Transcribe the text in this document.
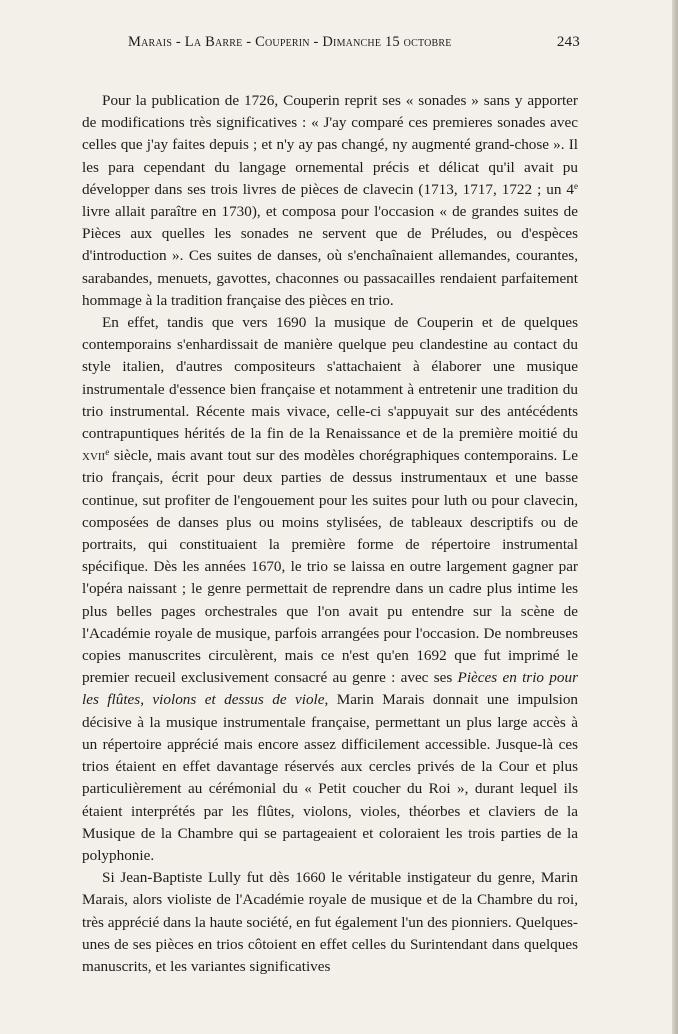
Marais - La Barre - Couperin - Dimanche 15 octobre	243

Pour la publication de 1726, Couperin reprit ses « sonades » sans y apporter de modifications très significatives : « J'ay comparé ces premieres sonades avec celles que j'ay faites depuis ; et n'y ay pas changé, ny augmenté grand-chose ». Il les para cependant du langage ornemental précis et délicat qu'il avait pu développer dans ses trois livres de pièces de clavecin (1713, 1717, 1722 ; un 4e livre allait paraître en 1730), et composa pour l'occasion « de grandes suites de Pièces aux quelles les sonades ne servent que de Préludes, ou d'espèces d'introduction ». Ces suites de danses, où s'enchaînaient allemandes, courantes, sarabandes, menuets, gavottes, chaconnes ou passacailles rendaient parfaitement hommage à la tradition française des pièces en trio.

En effet, tandis que vers 1690 la musique de Couperin et de quelques contemporains s'enhardissait de manière quelque peu clandestine au contact du style italien, d'autres compositeurs s'attachaient à élaborer une musique instrumentale d'essence bien française et notamment à entretenir une tradition du trio instrumental. Récente mais vivace, celle-ci s'appuyait sur des antécédents contrapuntiques hérités de la fin de la Renaissance et de la première moitié du xvii$^e$ siècle, mais avant tout sur des modèles chorégraphiques contemporains. Le trio français, écrit pour deux parties de dessus instrumentaux et une basse continue, sut profiter de l'engouement pour les suites pour luth ou pour clavecin, composées de danses plus ou moins stylisées, de tableaux descriptifs ou de portraits, qui constituaient la première forme de répertoire instrumental spécifique. Dès les années 1670, le trio se laissa en outre largement gagner par l'opéra naissant ; le genre permettait de reprendre dans un cadre plus intime les plus belles pages orchestrales que l'on avait pu entendre sur la scène de l'Académie royale de musique, parfois arrangées pour l'occasion. De nombreuses copies manuscrites circulèrent, mais ce n'est qu'en 1692 que fut imprimé le premier recueil exclusivement consacré au genre : avec ses Pièces en trio pour les flûtes, violons et dessus de viole, Marin Marais donnait une impulsion décisive à la musique instrumentale française, permettant un plus large accès à un répertoire apprécié mais encore assez difficilement accessible. Jusque-là ces trios étaient en effet davantage réservés aux cercles privés de la Cour et plus particulièrement au cérémonial du « Petit coucher du Roi », durant lequel ils étaient interprétés par les flûtes, violons, violes, théorbes et claviers de la Musique de la Chambre qui se partageaient et coloraient les trois parties de la polyphonie.

Si Jean-Baptiste Lully fut dès 1660 le véritable instigateur du genre, Marin Marais, alors violiste de l'Académie royale de musique et de la Chambre du roi, très apprécié dans la haute société, en fut également l'un des pionniers. Quelques-unes de ses pièces en trios côtoient en effet celles du Surintendant dans quelques manuscrits, et les variantes significatives
